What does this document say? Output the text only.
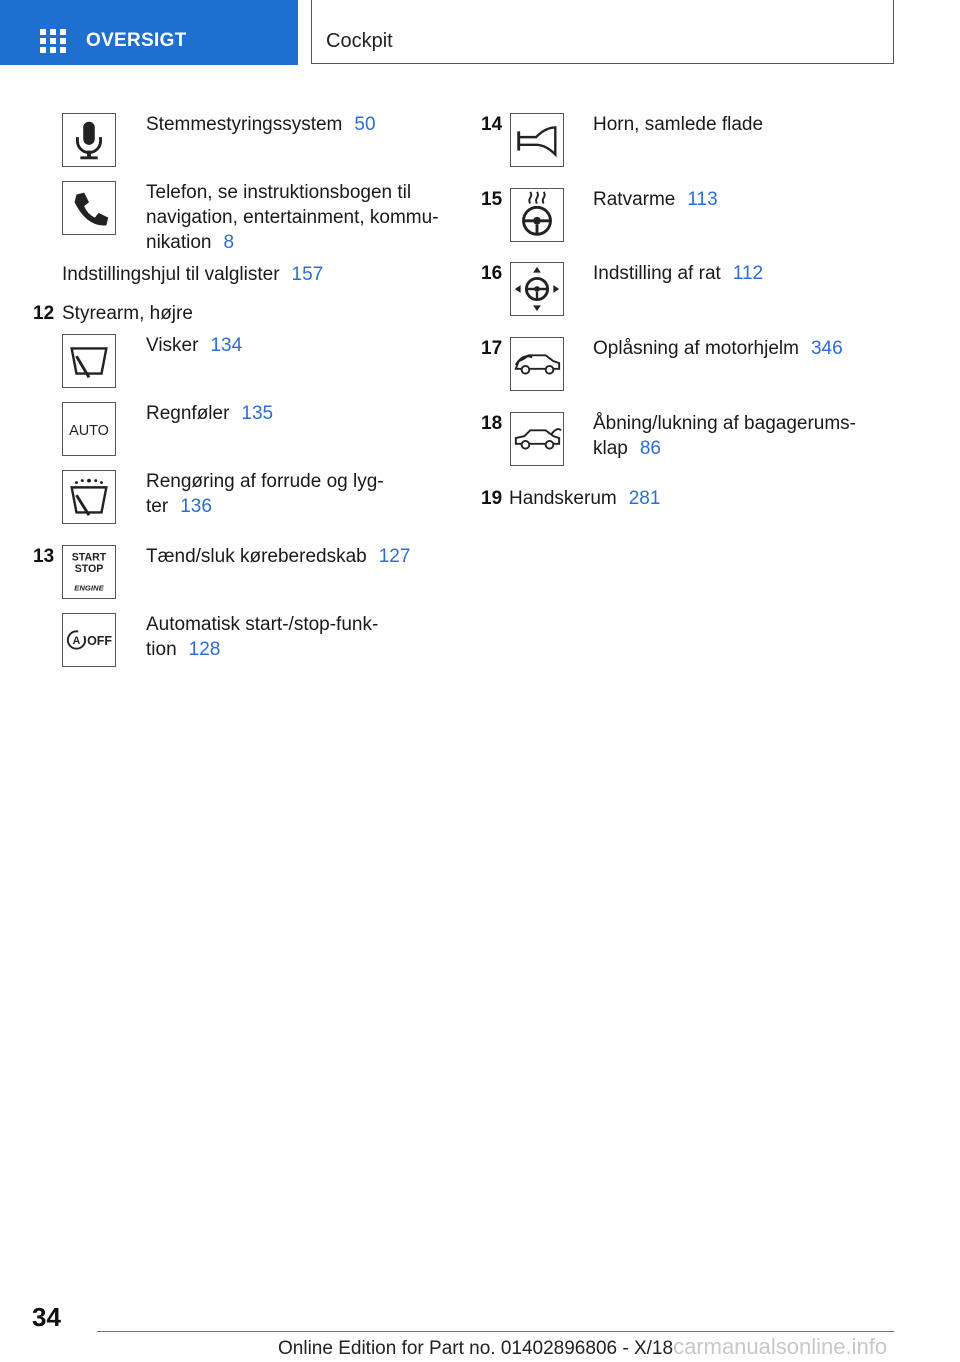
OVERSIGT	Cockpit
Stemmestyringssystem 50
Telefon, se instruktionsbogen til
navigation, entertainment, kommu-
nikation 8
Indstillingshjul til valglister 157
12 Styrearm, højre
Visker 134
AUTO
Regnføler 135
Rengøring af forrude og lyg-
ter 136
13 START
STOP
ENGINE
Tænd/sluk køreberedskab 127
A OFF
Automatisk start-/stop-funk-
tion 128
14	Horn, samlede flade
15	Ratvarme 113
16	Indstilling af rat 112
17	Oplåsning af motorhjelm 346
18	Åbning/lukning af bagagerums-
klap 86
19 Handskerum 281
34
Online Edition for Part no. 01402896806 - X/18carmanualsonline.info
